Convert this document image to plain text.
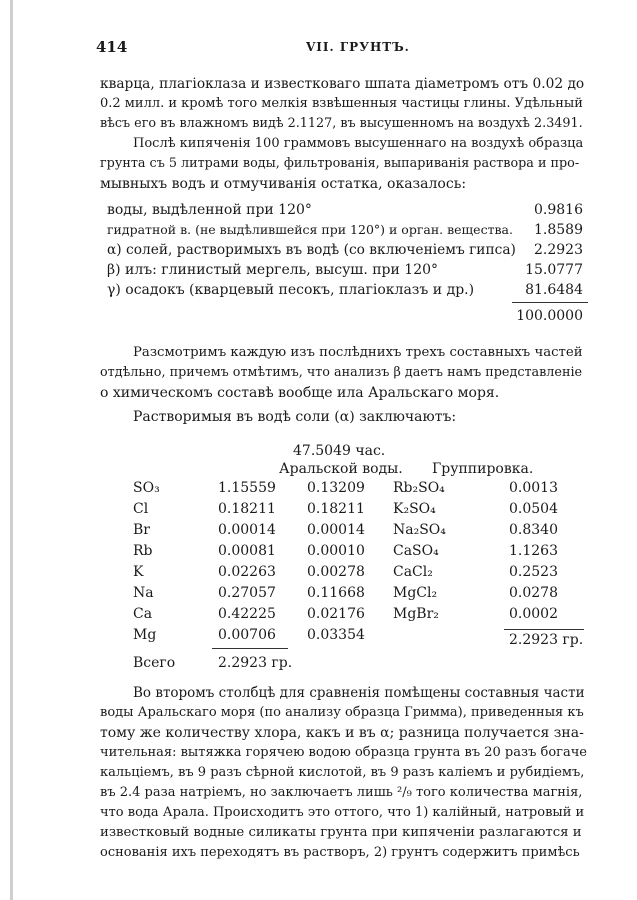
414	VII. ГРУНТЪ.
кварца, плагіоклаза и известковаго шпата діаметромъ отъ 0.02 до
0.2 милл. и кромѣ того мелкія взвѣшенныя частицы глины. Удѣльный
вѣсъ его въ влажномъ видѣ 2.1127, въ высушенномъ на воздухѣ 2.3491.
Послѣ кипяченія 100 граммовъ высушеннаго на воздухѣ образца
грунта съ 5 литрами воды, фильтрованія, выпариванія раствора и про-
мывныхъ водъ и отмучиванія остатка, оказалось:
воды, выдѣленной при 120°	0.9816
гидратной в. (не выдѣлившейся при 120°) и орган. вещества. 1.8589
α) солей, растворимыхъ въ водѣ (со включеніемъ гипса) 2.2923
β) илъ: глинистый мергель, высуш. при 120°	15.0777
γ) осадокъ (кварцевый песокъ, плагіоклазъ и др.)	81.6484
100.0000
Разсмотримъ каждую изъ послѣднихъ трехъ составныхъ частей
отдѣльно, причемъ отмѣтимъ, что анализъ β даетъ намъ представленіе
о химическомъ составѣ вообще ила Аральскаго моря.
Растворимыя въ водѣ соли (α) заключаютъ:
47.5049 час.
Аральской воды. Группировка.
SO₃	1.15559 0.13209 Rb₂SO₄	0.0013
Cl	0.18211 0.18211 K₂SO₄	0.0504
Br	0.00014 0.00014 Na₂SO₄	0.8340
Rb	0.00081 0.00010 CaSO₄	1.1263
K	0.02263 0.00278 CaCl₂	0.2523
Na	0.27057 0.11668 MgCl₂	0.0278
Ca	0.42225 0.02176 MgBr₂	0.0002
Mg	0.00706 0.03354	2.2923 гр.
Всего	2.2923 гр.
Во второмъ столбцѣ для сравненія помѣщены составныя части
воды Аральскаго моря (по анализу образца Гримма), приведенныя къ
тому же количеству хлора, какъ и въ α; разница получается зна-
чительная: вытяжка горячею водою образца грунта въ 20 разъ богаче
кальціемъ, въ 9 разъ сѣрной кислотой, въ 9 разъ каліемъ и рубидіемъ,
въ 2.4 раза натріемъ, но заключаетъ лишь ²/₉ того количества магнія,
что вода Арала. Происходитъ это оттого, что 1) калійный, натровый и
известковый водные силикаты грунта при кипяченіи разлагаются и
основанія ихъ переходятъ въ растворъ, 2) грунтъ содержитъ примѣсь
